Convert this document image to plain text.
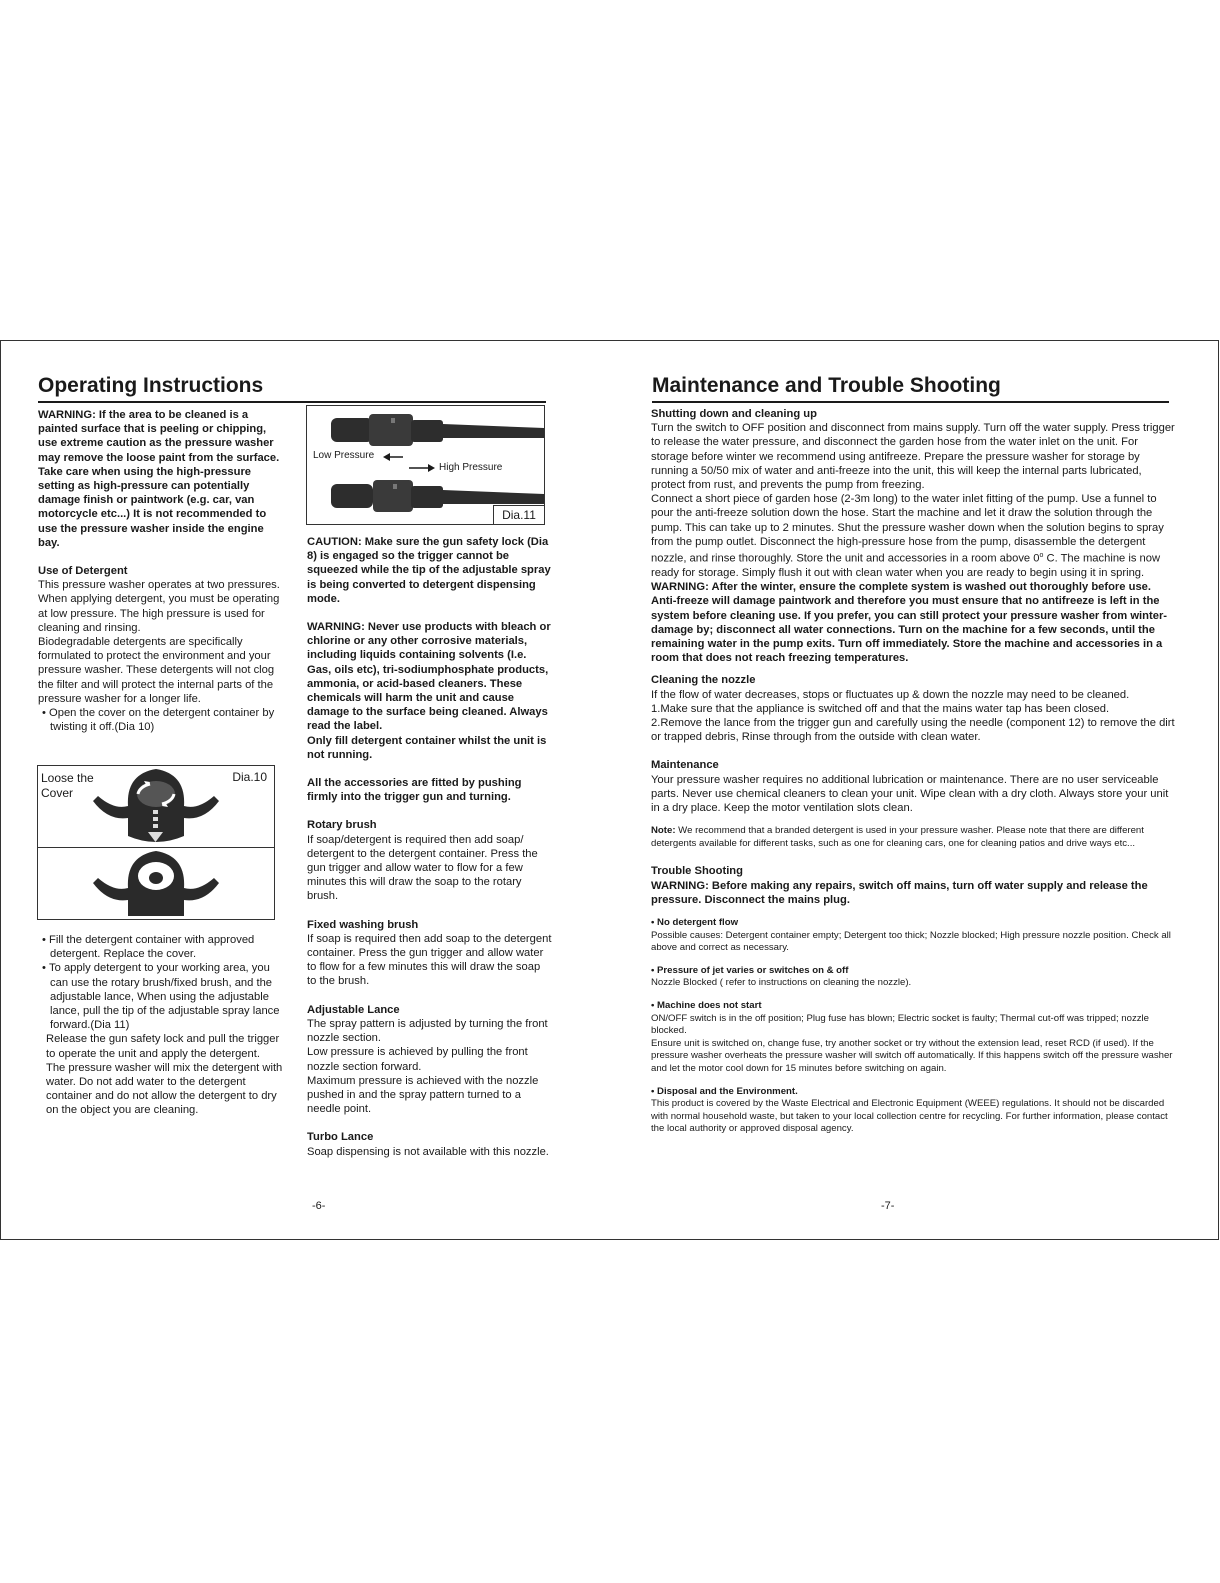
Operating Instructions

WARNING: If the area to be cleaned is a painted surface that is peeling or chipping, use extreme caution as the pressure washer may remove the loose paint from the surface. Take care when using the high-pressure setting as high-pressure can potentially damage finish or paintwork (e.g. car, van motorcycle etc...) It is not recommended to use the pressure washer inside the engine bay.

Use of Detergent

This pressure washer operates at two pressures. When applying detergent, you must be operating at low pressure. The high pressure is used for cleaning and rinsing.

Biodegradable detergents are specifically formulated to protect the environment and your pressure washer. These detergents will not clog the filter and will protect the internal parts of the pressure washer for a longer life.

• Open the cover on the detergent container by twisting it off.(Dia 10)

Loose the Cover
Dia.10

• Fill the detergent container with approved detergent. Replace the cover.

• To apply detergent to your working area, you can use the rotary brush/fixed brush, and the adjustable lance, When using the adjustable lance, pull the tip of the adjustable spray lance forward.(Dia 11)

Release the gun safety lock and pull the trigger to operate the unit and apply the detergent.

The pressure washer will mix the detergent with water. Do not add water to the detergent container and do not allow the detergent to dry on the object you are cleaning.

Low Pressure
High Pressure
Dia.11

CAUTION: Make sure the gun safety lock (Dia 8) is engaged so the trigger cannot be squeezed while the tip of the adjustable spray is being converted to detergent dispensing mode.

WARNING: Never use products with bleach or chlorine or any other corrosive materials, including liquids containing solvents (I.e. Gas, oils etc), tri-sodiumphosphate products, ammonia, or acid-based cleaners. These chemicals will harm the unit and cause damage to the surface being cleaned. Always read the label.

Only fill detergent container whilst the unit is not running.

All the accessories are fitted by pushing firmly into the trigger gun and turning.

Rotary brush

If soap/detergent is required then add soap/ detergent to the detergent container. Press the gun trigger and allow water to flow for a few minutes this will draw the soap to the rotary brush.

Fixed washing brush

If soap is required then add soap to the detergent container. Press the gun trigger and allow water to flow for a few minutes this will draw the soap to the brush.

Adjustable Lance

The spray pattern is adjusted by turning the front nozzle section.

Low pressure is achieved by pulling the front nozzle section forward.

Maximum pressure is achieved with the nozzle pushed in and the spray pattern turned to a needle point.

Turbo Lance

Soap dispensing is not available with this nozzle.

-6-
Maintenance and Trouble Shooting

Shutting down and cleaning up

Turn the switch to OFF position and disconnect from mains supply. Turn off the water supply. Press trigger to release the water pressure, and disconnect the garden hose from the water inlet on the unit. For storage before winter we recommend using antifreeze. Prepare the pressure washer for storage by running a 50/50 mix of water and anti-freeze into the unit, this will keep the internal parts lubricated, protect from rust, and prevents the pump from freezing.

Connect a short piece of garden hose (2-3m long) to the water inlet fitting of the pump. Use a funnel to pour the anti-freeze solution down the hose. Start the machine and let it draw the solution through the pump. This can take up to 2 minutes. Shut the pressure washer down when the solution begins to spray from the pump outlet. Disconnect the high-pressure hose from the pump, disassemble the detergent nozzle, and rinse thoroughly. Store the unit and accessories in a room above 0$^o$ C. The machine is now ready for storage. Simply flush it out with clean water when you are ready to begin using it in spring.

WARNING: After the winter, ensure the complete system is washed out thoroughly before use. Anti-freeze will damage paintwork and therefore you must ensure that no antifreeze is left in the system before cleaning use. If you prefer, you can still protect your pressure washer from winter-damage by; disconnect all water connections. Turn on the machine for a few seconds, until the remaining water in the pump exits. Turn off immediately. Store the machine and accessories in a room that does not reach freezing temperatures.

Cleaning the nozzle

If the flow of water decreases, stops or fluctuates up & down the nozzle may need to be cleaned.

1.Make sure that the appliance is switched off and that the mains water tap has been closed.

2.Remove the lance from the trigger gun and carefully using the needle (component 12) to remove the dirt or trapped debris, Rinse through from the outside with clean water.

Maintenance

Your pressure washer requires no additional lubrication or maintenance. There are no user serviceable parts. Never use chemical cleaners to clean your unit. Wipe clean with a dry cloth. Always store your unit in a dry place. Keep the motor ventilation slots clean.

Note: We recommend that a branded detergent is used in your pressure washer. Please note that there are different detergents available for different tasks, such as one for cleaning cars, one for cleaning patios and drive ways etc...

Trouble Shooting

WARNING: Before making any repairs, switch off mains, turn off water supply and release the pressure. Disconnect the mains plug.

• No detergent flow

Possible causes: Detergent container empty; Detergent too thick; Nozzle blocked; High pressure nozzle position. Check all above and correct as necessary.

• Pressure of jet varies or switches on & off

Nozzle Blocked ( refer to instructions on cleaning the nozzle).

• Machine does not start

ON/OFF switch is in the off position; Plug fuse has blown; Electric socket is faulty; Thermal cut-off was tripped; nozzle blocked.

Ensure unit is switched on, change fuse, try another socket or try without the extension lead, reset RCD (if used). If the pressure washer overheats the pressure washer will switch off automatically. If this happens switch off the pressure washer and let the motor cool down for 15 minutes before switching on again.

• Disposal and the Environment.

This product is covered by the Waste Electrical and Electronic Equipment (WEEE) regulations. It should not be discarded with normal household waste, but taken to your local collection centre for recycling. For further information, please contact the local authority or approved disposal agency.

-7-
